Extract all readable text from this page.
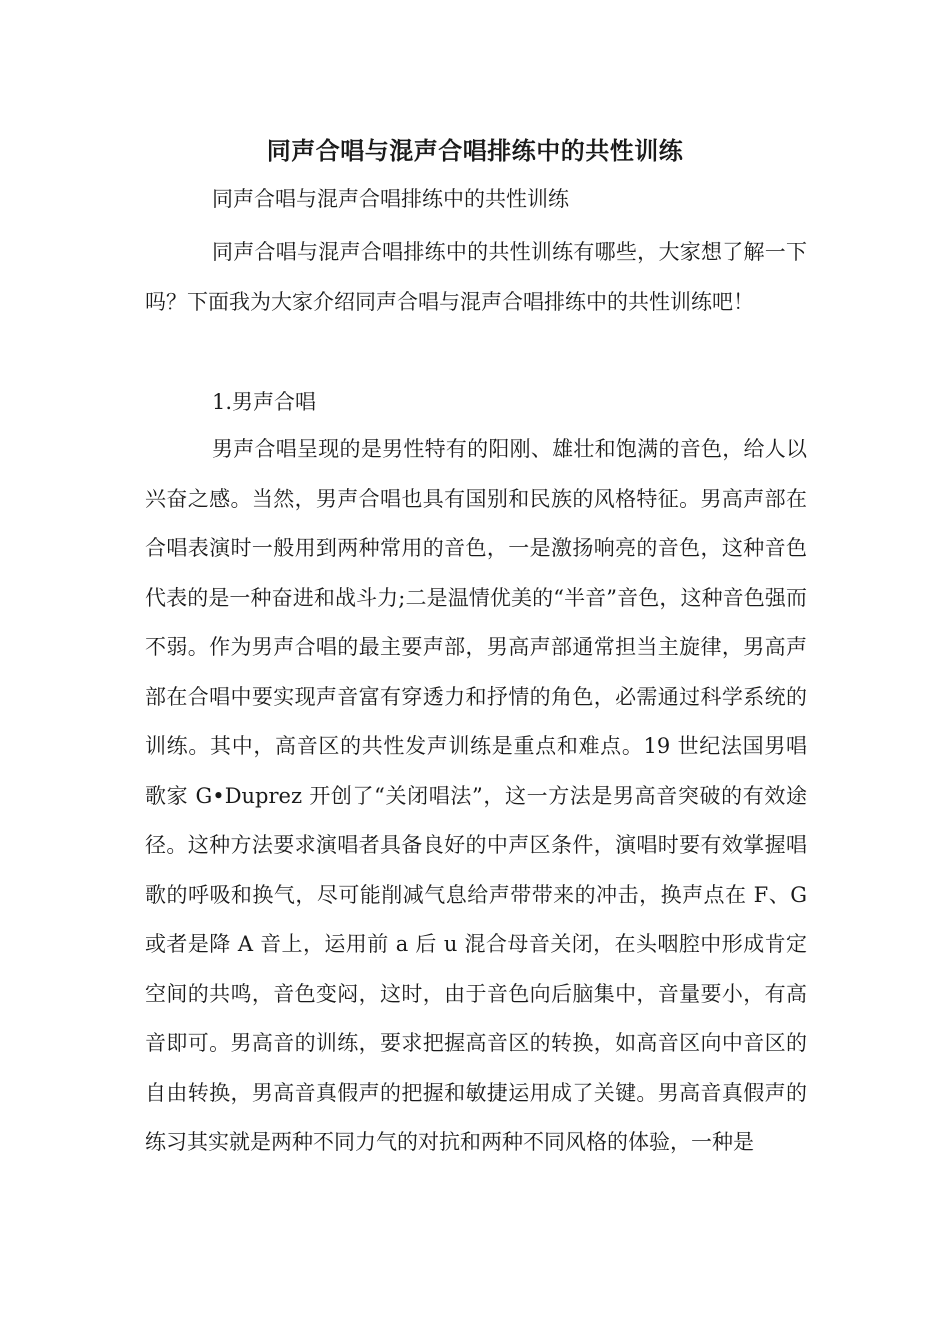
同声合唱与混声合唱排练中的共性训练

同声合唱与混声合唱排练中的共性训练

同声合唱与混声合唱排练中的共性训练有哪些，大家想了解一下吗？下面我为大家介绍同声合唱与混声合唱排练中的共性训练吧！

1.男声合唱

男声合唱呈现的是男性特有的阳刚、雄壮和饱满的音色，给人以兴奋之感。当然，男声合唱也具有国别和民族的风格特征。男高声部在合唱表演时一般用到两种常用的音色，一是激扬响亮的音色，这种音色代表的是一种奋进和战斗力;二是温情优美的“半音”音色，这种音色强而不弱。作为男声合唱的最主要声部，男高声部通常担当主旋律，男高声部在合唱中要实现声音富有穿透力和抒情的角色，必需通过科学系统的训练。其中，高音区的共性发声训练是重点和难点。19 世纪法国男唱歌家 G•Duprez 开创了“关闭唱法”，这一方法是男高音突破的有效途径。这种方法要求演唱者具备良好的中声区条件，演唱时要有效掌握唱歌的呼吸和换气，尽可能削减气息给声带带来的冲击，换声点在 F、G 或者是降 A 音上，运用前 a 后 u 混合母音关闭，在头咽腔中形成肯定空间的共鸣，音色变闷，这时，由于音色向后脑集中，音量要小，有高音即可。男高音的训练，要求把握高音区的转换，如高音区向中音区的自由转换，男高音真假声的把握和敏捷运用成了关键。男高音真假声的练习其实就是两种不同力气的对抗和两种不同风格的体验，一种是
